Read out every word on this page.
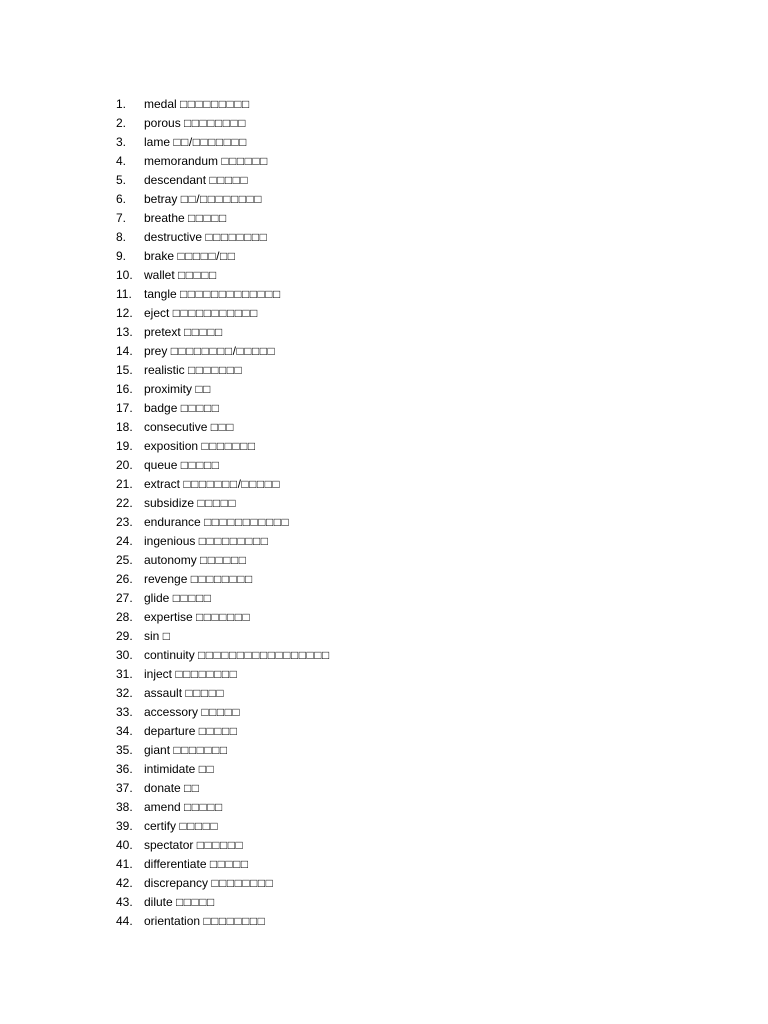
1. medal □□□□□□□□□
2. porous □□□□□□□□
3. lame □□/□□□□□□□
4. memorandum □□□□□□
5. descendant □□□□□
6. betray □□/□□□□□□□□
7. breathe □□□□□
8. destructive □□□□□□□□
9. brake □□□□□/□□
10. wallet □□□□□
11. tangle □□□□□□□□□□□□□
12. eject □□□□□□□□□□□
13. pretext □□□□□
14. prey □□□□□□□□/□□□□□
15. realistic □□□□□□□
16. proximity □□
17. badge □□□□□
18. consecutive □□□
19. exposition □□□□□□□
20. queue □□□□□
21. extract □□□□□□□/□□□□□
22. subsidize □□□□□
23. endurance □□□□□□□□□□□
24. ingenious □□□□□□□□□
25. autonomy □□□□□□
26. revenge □□□□□□□□
27. glide □□□□□
28. expertise □□□□□□□
29. sin □
30. continuity □□□□□□□□□□□□□□□□□
31. inject □□□□□□□□
32. assault □□□□□
33. accessory □□□□□
34. departure □□□□□
35. giant □□□□□□□
36. intimidate □□
37. donate □□
38. amend □□□□□
39. certify □□□□□
40. spectator □□□□□□
41. differentiate □□□□□
42. discrepancy □□□□□□□□
43. dilute □□□□□
44. orientation □□□□□□□□
